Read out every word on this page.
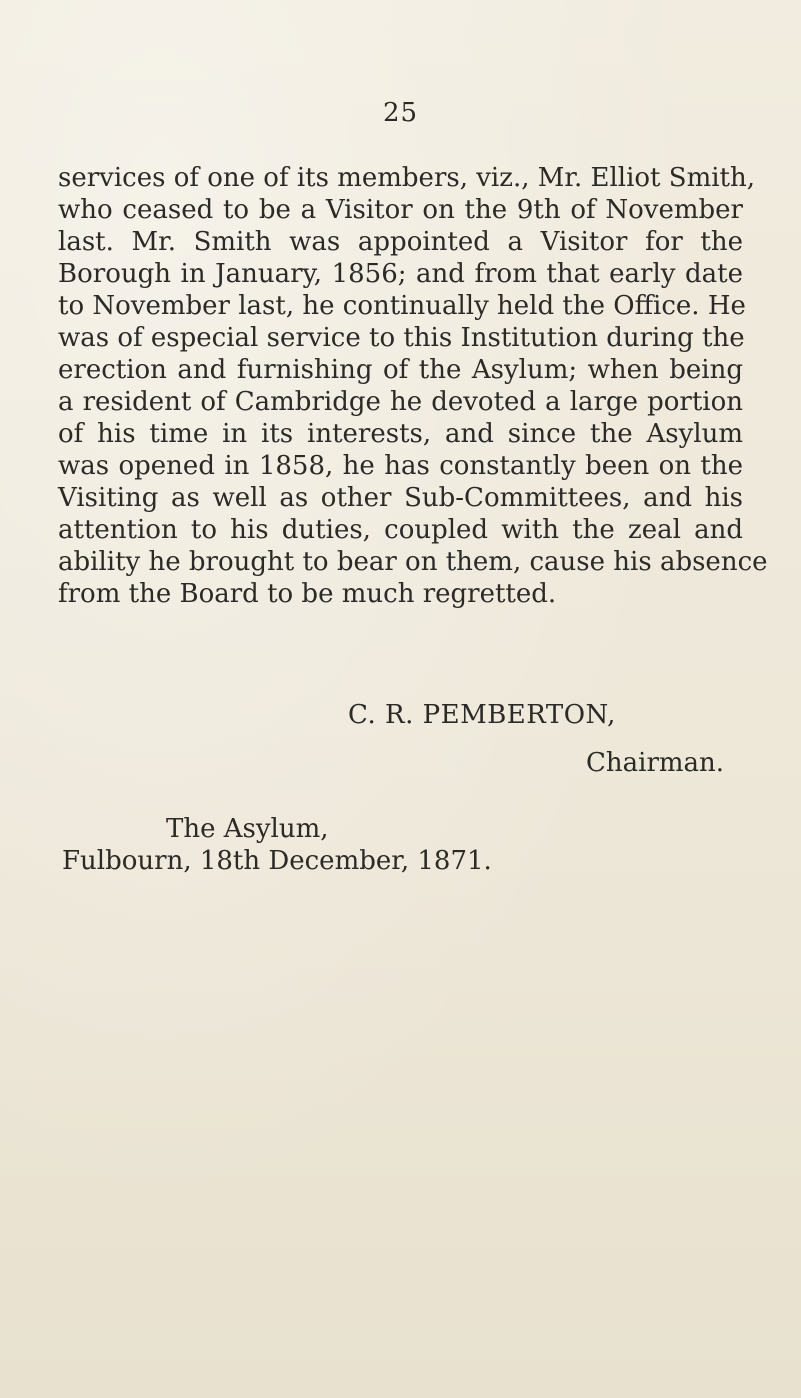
25
services of one of its members, viz., Mr. Elliot Smith,
who ceased to be a Visitor on the 9th of November
last. Mr. Smith was appointed a Visitor for the
Borough in January, 1856; and from that early date
to November last, he continually held the Office. He
was of especial service to this Institution during the
erection and furnishing of the Asylum; when being
a resident of Cambridge he devoted a large portion
of his time in its interests, and since the Asylum
was opened in 1858, he has constantly been on the
Visiting as well as other Sub-Committees, and his
attention to his duties, coupled with the zeal and
ability he brought to bear on them, cause his absence
from the Board to be much regretted.
C. R. PEMBERTON,
Chairman.
The Asylum,
Fulbourn, 18th December, 1871.
